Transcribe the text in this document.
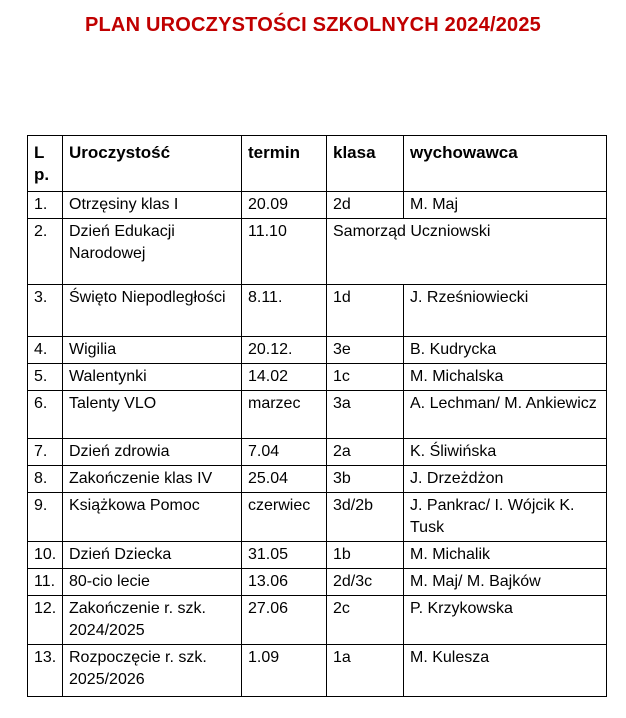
PLAN UROCZYSTOŚCI SZKOLNYCH 2024/2025
Lp.	Uroczystość	termin	klasa	wychowawca
1.	Otrzęsiny klas I	20.09	2d	M. Maj
2.	Dzień Edukacji Narodowej	11.10	Samorząd Uczniowski	
3.	Święto Niepodległości	8.11.	1d	J. Rześniowiecki
4.	Wigilia	20.12.	3e	B. Kudrycka
5.	Walentynki	14.02	1c	M. Michalska
6.	Talenty VLO	marzec	3a	A. Lechman/ M. Ankiewicz
7.	Dzień zdrowia	7.04	2a	K. Śliwińska
8.	Zakończenie klas IV	25.04	3b	J. Drzeżdżon
9.	Książkowa Pomoc	czerwiec	3d/2b	J. Pankrac/ I. Wójcik K. Tusk
10.	Dzień Dziecka	31.05	1b	M. Michalik
11.	80-cio lecie	13.06	2d/3c	M. Maj/ M. Bajków
12.	Zakończenie r. szk. 2024/2025	27.06	2c	P. Krzykowska
13.	Rozpoczęcie r. szk. 2025/2026	1.09	1a	M. Kulesza
